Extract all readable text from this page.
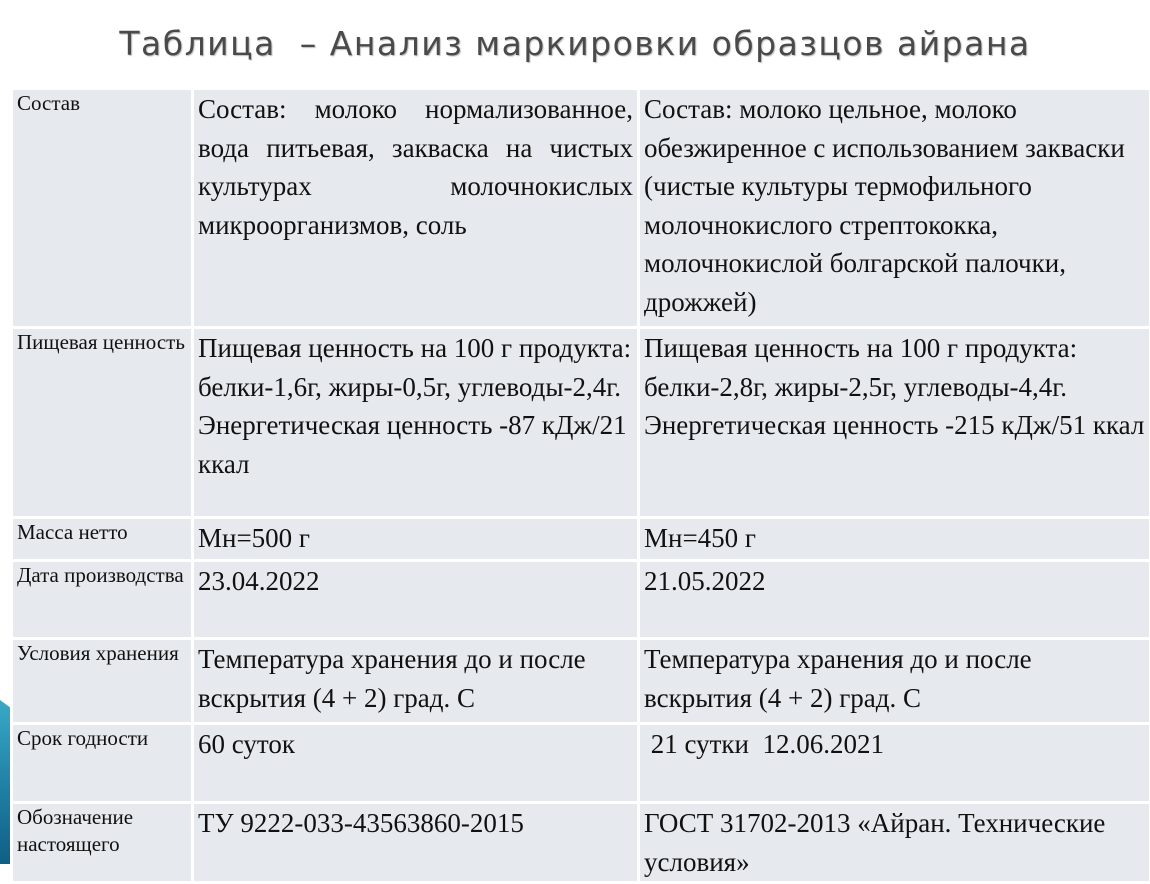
Таблица  – Анализ маркировки образцов айрана
Состав	Состав: молоко нормализованное, вода питьевая, закваска на чистых культурах молочнокислых микроорганизмов, соль	Состав: молоко цельное, молоко обезжиренное с использованием закваски (чистые культуры термофильного молочнокислого стрептококка, молочнокислой болгарской палочки, дрожжей)
Пищевая ценность	Пищевая ценность на 100 г продукта: белки-1,6г, жиры-0,5г, углеводы-2,4г. Энергетическая ценность -87 кДж/21 ккал	Пищевая ценность на 100 г продукта: белки-2,8г, жиры-2,5г, углеводы-4,4г. Энергетическая ценность -215 кДж/51 ккал
Масса нетто	Мн=500 г	Мн=450 г
Дата производства	23.04.2022	21.05.2022
Условия хранения	Температура хранения до и после вскрытия (4 + 2) град. С	Температура хранения до и после вскрытия (4 + 2) град. С
Срок годности	60 суток	21 сутки  12.06.2021
Обозначение настоящего	ТУ 9222-033-43563860-2015	ГОСТ 31702-2013 «Айран. Технические условия»
